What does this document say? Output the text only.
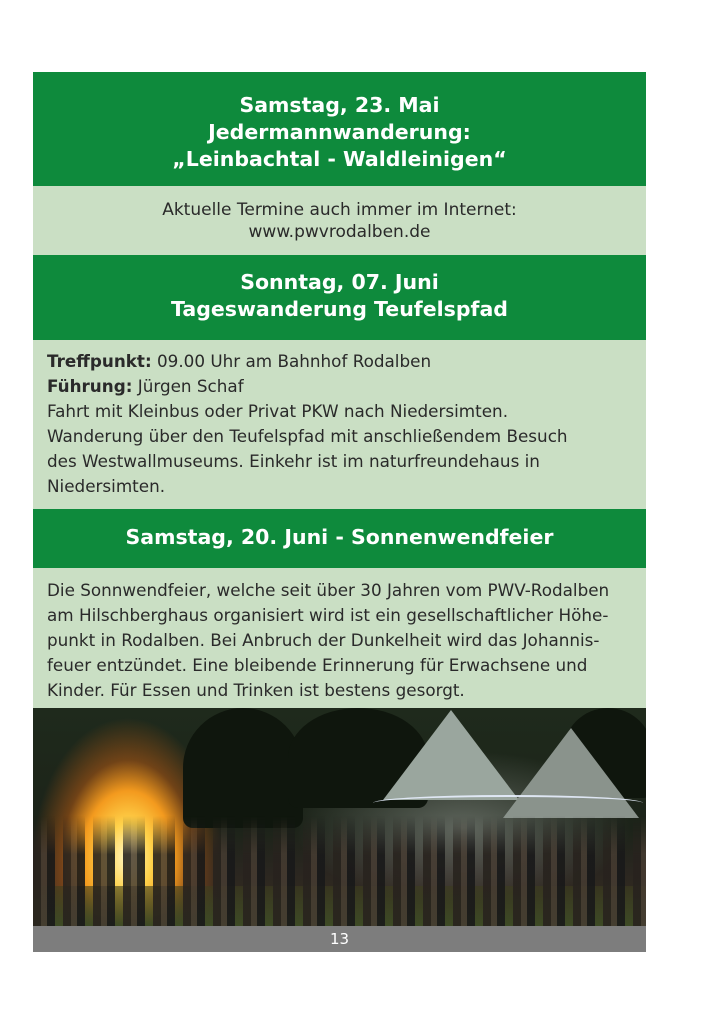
Samstag, 23. Mai
Jedermannwanderung:
„Leinbachtal - Waldleinigen“
Aktuelle Termine auch immer im Internet:
www.pwvrodalben.de
Sonntag, 07. Juni
Tageswanderung Teufelspfad
Treffpunkt: 09.00 Uhr am Bahnhof Rodalben
Führung: Jürgen Schaf
Fahrt mit Kleinbus oder Privat PKW nach Niedersimten.
Wanderung über den Teufelspfad mit anschließendem Besuch
des Westwallmuseums. Einkehr ist im naturfreundehaus in
Niedersimten.
Samstag, 20. Juni - Sonnenwendfeier
Die Sonnwendfeier, welche seit über 30 Jahren vom PWV-Rodalben
am Hilschberghaus organisiert wird ist ein gesellschaftlicher Höhe-
punkt in Rodalben. Bei Anbruch der Dunkelheit wird das Johannis-
feuer entzündet. Eine bleibende Erinnerung für Erwachsene und
Kinder. Für Essen und Trinken ist bestens gesorgt.
13
